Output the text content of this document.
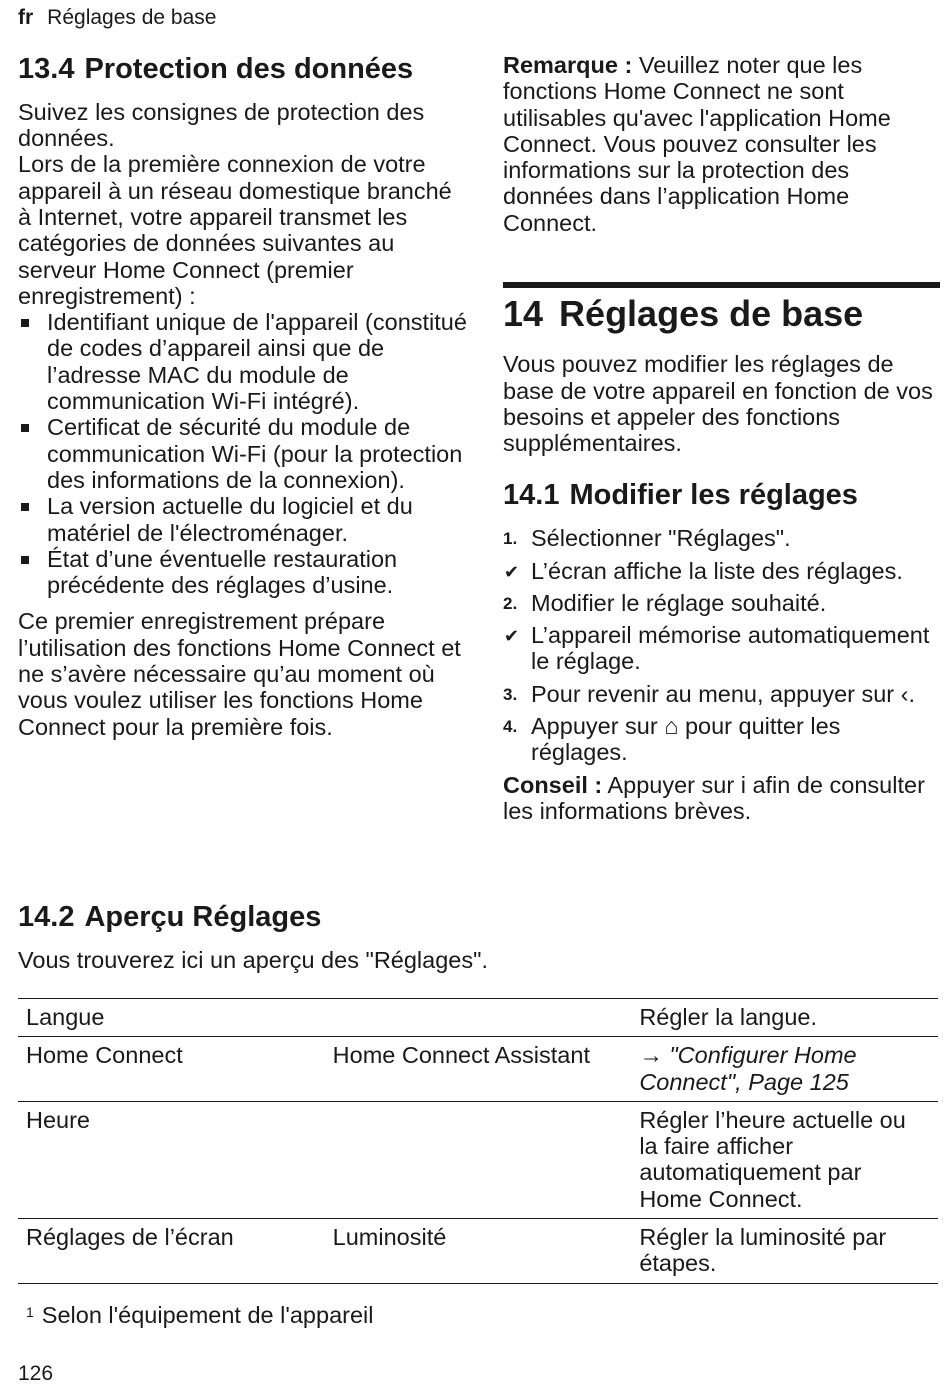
fr Réglages de base
13.4 Protection des données

Suivez les consignes de protection des données.

Lors de la première connexion de votre appareil à un réseau domestique branché à Internet, votre appareil transmet les catégories de données suivantes au serveur Home Connect (premier enregistrement) :

Identifiant unique de l'appareil (constitué de codes d’appareil ainsi que de l’adresse MAC du module de communication Wi-Fi intégré).
Certificat de sécurité du module de communication Wi-Fi (pour la protection des informations de la connexion).
La version actuelle du logiciel et du matériel de l'électroménager.
État d’une éventuelle restauration précédente des réglages d’usine.

Ce premier enregistrement prépare l’utilisation des fonctions Home Connect et ne s’avère nécessaire qu’au moment où vous voulez utiliser les fonctions Home Connect pour la première fois.

Remarque : Veuillez noter que les fonctions Home Connect ne sont utilisables qu'avec l'application Home Connect. Vous pouvez consulter les informations sur la protection des données dans l’application Home Connect.

14 Réglages de base

Vous pouvez modifier les réglages de base de votre appareil en fonction de vos besoins et appeler des fonctions supplémentaires.

14.1 Modifier les réglages
1. Sélectionner "Réglages".
✔ L’écran affiche la liste des réglages.
2. Modifier le réglage souhaité.
✔ L’appareil mémorise automatiquement le réglage.
3. Pour revenir au menu, appuyer sur ‹.
4. Appuyer sur ⌂ pour quitter les réglages.

Conseil : Appuyer sur i afin de consulter les informations brèves.

14.2 Aperçu Réglages

Vous trouverez ici un aperçu des "Réglages".

Langue		Régler la langue.
Home Connect	Home Connect Assistant	→ "Configurer Home Connect", Page 125
Heure		Régler l’heure actuelle ou la faire afficher automatiquement par Home Connect.
Réglages de l’écran	Luminosité	Régler la luminosité par étapes.
$^1$ Selon l'équipement de l'appareil
126
